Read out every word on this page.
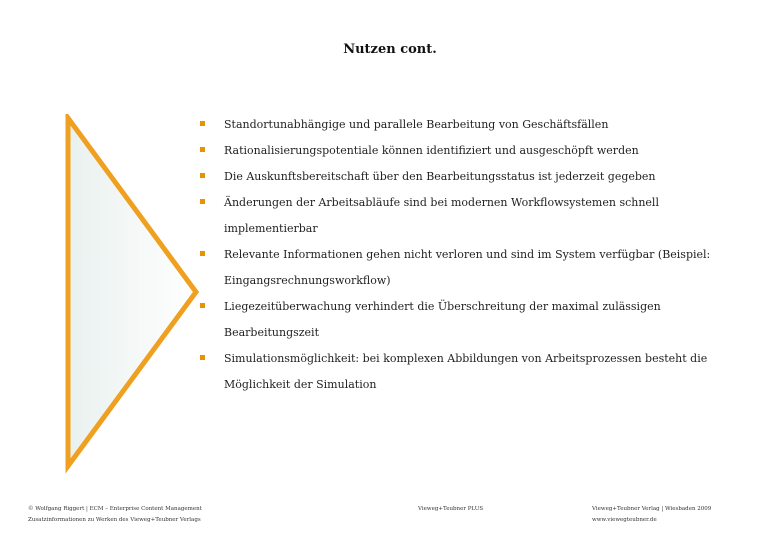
Nutzen cont.
Standortunabhängige und parallele Bearbeitung von Geschäftsfällen
Rationalisierungspotentiale können identifiziert und ausgeschöpft werden
Die Auskunftsbereitschaft über den Bearbeitungsstatus ist jederzeit gegeben
Änderungen der Arbeitsabläufe sind bei modernen Workflowsystemen schnell implementierbar
Relevante Informationen gehen nicht verloren und sind im System verfügbar (Beispiel: Eingangsrechnungsworkflow)
Liegezeitüberwachung verhindert die Überschreitung der maximal zulässigen Bearbeitungszeit
Simulationsmöglichkeit: bei komplexen Abbildungen von Arbeitsprozessen besteht die Möglichkeit der Simulation
© Wolfgang Riggert | ECM – Enterprise Content Management
Zusatzinformationen zu Werken des Vieweg+Teubner Verlags
Vieweg+Teubner PLUS	Vieweg+Teubner Verlag | Wiesbaden 2009
www.viewegteubner.de
